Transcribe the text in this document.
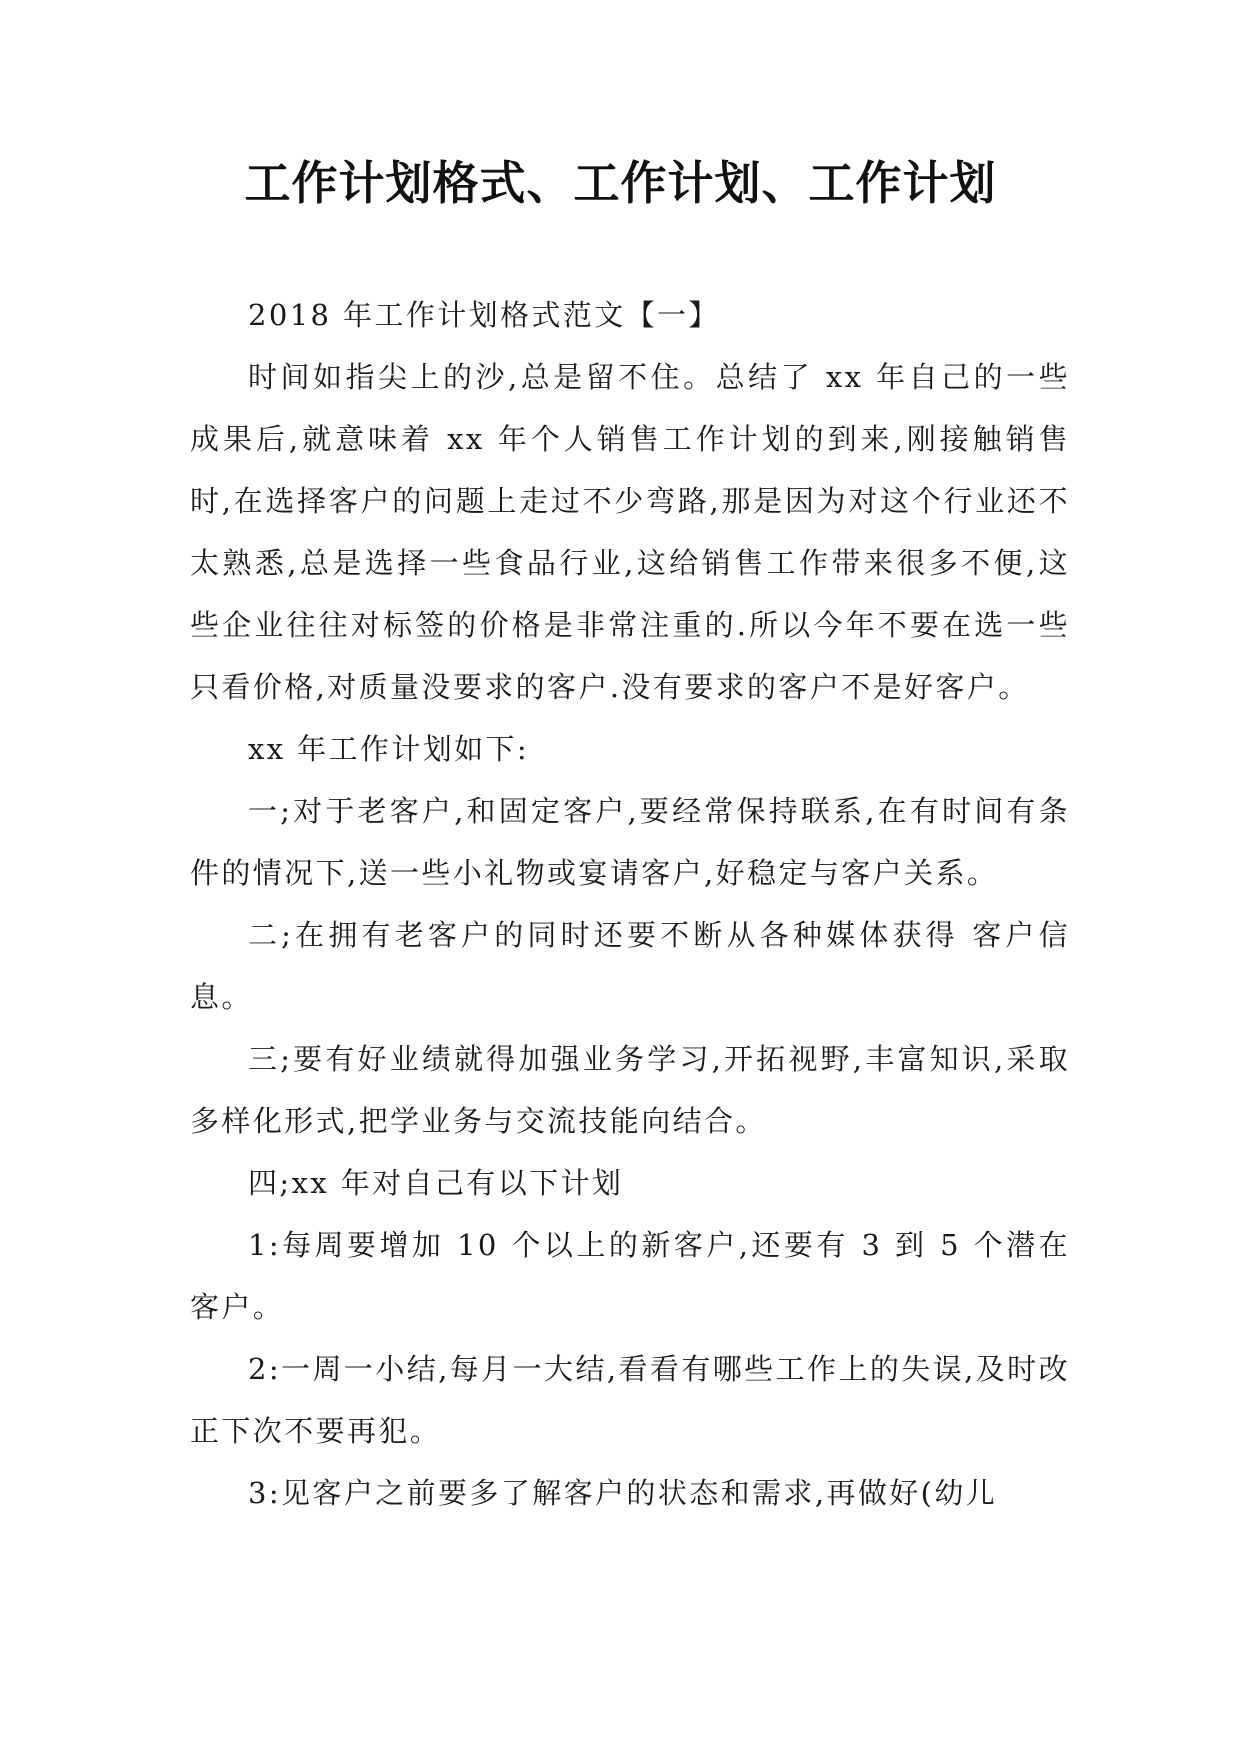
工作计划格式、工作计划、工作计划

2018 年工作计划格式范文【一】

时间如指尖上的沙,总是留不住。总结了 xx 年自己的一些成果后,就意味着 xx 年个人销售工作计划的到来,刚接触销售时,在选择客户的问题上走过不少弯路,那是因为对这个行业还不太熟悉,总是选择一些食品行业,这给销售工作带来很多不便,这些企业往往对标签的价格是非常注重的.所以今年不要在选一些只看价格,对质量没要求的客户.没有要求的客户不是好客户。

xx 年工作计划如下:

一;对于老客户,和固定客户,要经常保持联系,在有时间有条件的情况下,送一些小礼物或宴请客户,好稳定与客户关系。

二;在拥有老客户的同时还要不断从各种媒体获得 客户信息。

三;要有好业绩就得加强业务学习,开拓视野,丰富知识,采取多样化形式,把学业务与交流技能向结合。

四;xx 年对自己有以下计划

1:每周要增加 10 个以上的新客户,还要有 3 到 5 个潜在客户。

2:一周一小结,每月一大结,看看有哪些工作上的失误,及时改正下次不要再犯。

3:见客户之前要多了解客户的状态和需求,再做好(幼儿
